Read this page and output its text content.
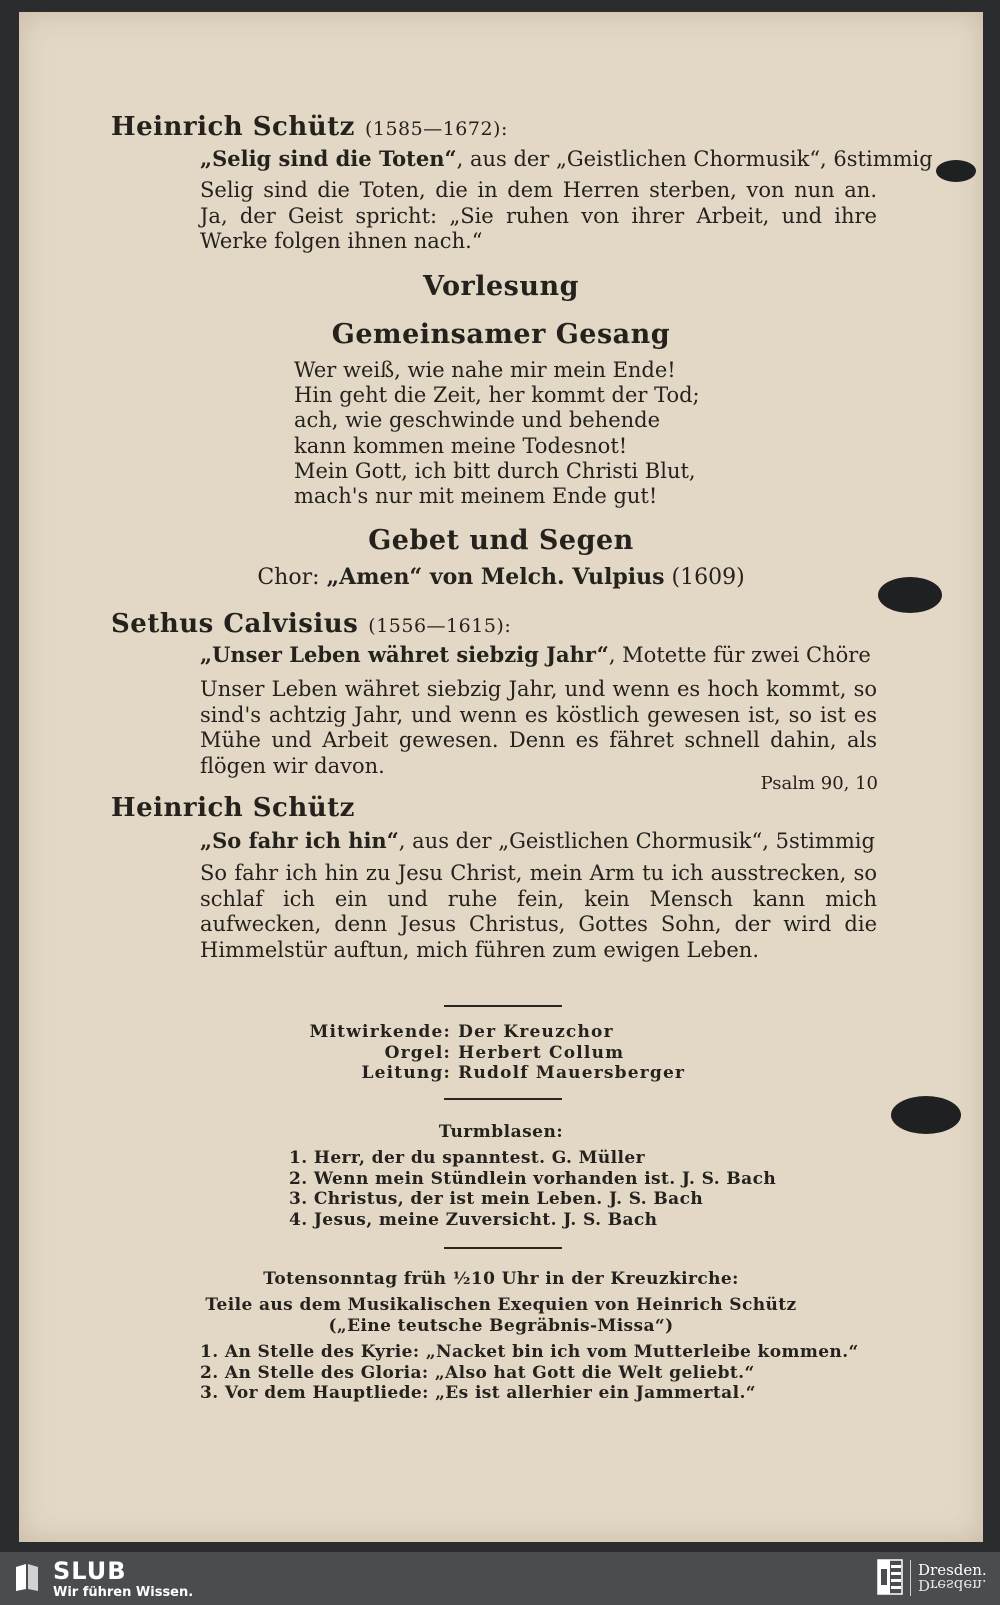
Heinrich Schütz (1585—1672):
„Selig sind die Toten“, aus der „Geistlichen Chormusik“, 6stimmig
Selig sind die Toten, die in dem Herren sterben, von nun an. Ja, der Geist spricht: „Sie ruhen von ihrer Arbeit, und ihre Werke folgen ihnen nach.“
Vorlesung
Gemeinsamer Gesang
Wer weiß, wie nahe mir mein Ende!
Hin geht die Zeit, her kommt der Tod;
ach, wie geschwinde und behende
kann kommen meine Todesnot!
Mein Gott, ich bitt durch Christi Blut,
mach's nur mit meinem Ende gut!
Gebet und Segen
Chor: „Amen“ von Melch. Vulpius (1609)
Sethus Calvisius (1556—1615):
„Unser Leben währet siebzig Jahr“, Motette für zwei Chöre
Unser Leben währet siebzig Jahr, und wenn es hoch kommt, so sind's achtzig Jahr, und wenn es köstlich gewesen ist, so ist es Mühe und Arbeit gewesen. Denn es fähret schnell dahin, als flögen wir davon.
Psalm 90, 10
Heinrich Schütz
„So fahr ich hin“, aus der „Geistlichen Chormusik“, 5stimmig
So fahr ich hin zu Jesu Christ, mein Arm tu ich ausstrecken, so schlaf ich ein und ruhe fein, kein Mensch kann mich aufwecken, denn Jesus Christus, Gottes Sohn, der wird die Himmelstür auftun, mich führen zum ewigen Leben.
Mitwirkende: Der Kreuzchor
Orgel: Herbert Collum
Leitung: Rudolf Mauersberger
Turmblasen:
1. Herr, der du spanntest. G. Müller
2. Wenn mein Stündlein vorhanden ist. J. S. Bach
3. Christus, der ist mein Leben. J. S. Bach
4. Jesus, meine Zuversicht. J. S. Bach
Totensonntag früh ½10 Uhr in der Kreuzkirche:
Teile aus dem Musikalischen Exequien von Heinrich Schütz
(„Eine teutsche Begräbnis-Missa“)
1. An Stelle des Kyrie: „Nacket bin ich vom Mutterleibe kommen.“
2. An Stelle des Gloria: „Also hat Gott die Welt geliebt.“
3. Vor dem Hauptliede: „Es ist allerhier ein Jammertal.“
SLUB
Wir führen Wissen.
Dresden.
Dresden.
